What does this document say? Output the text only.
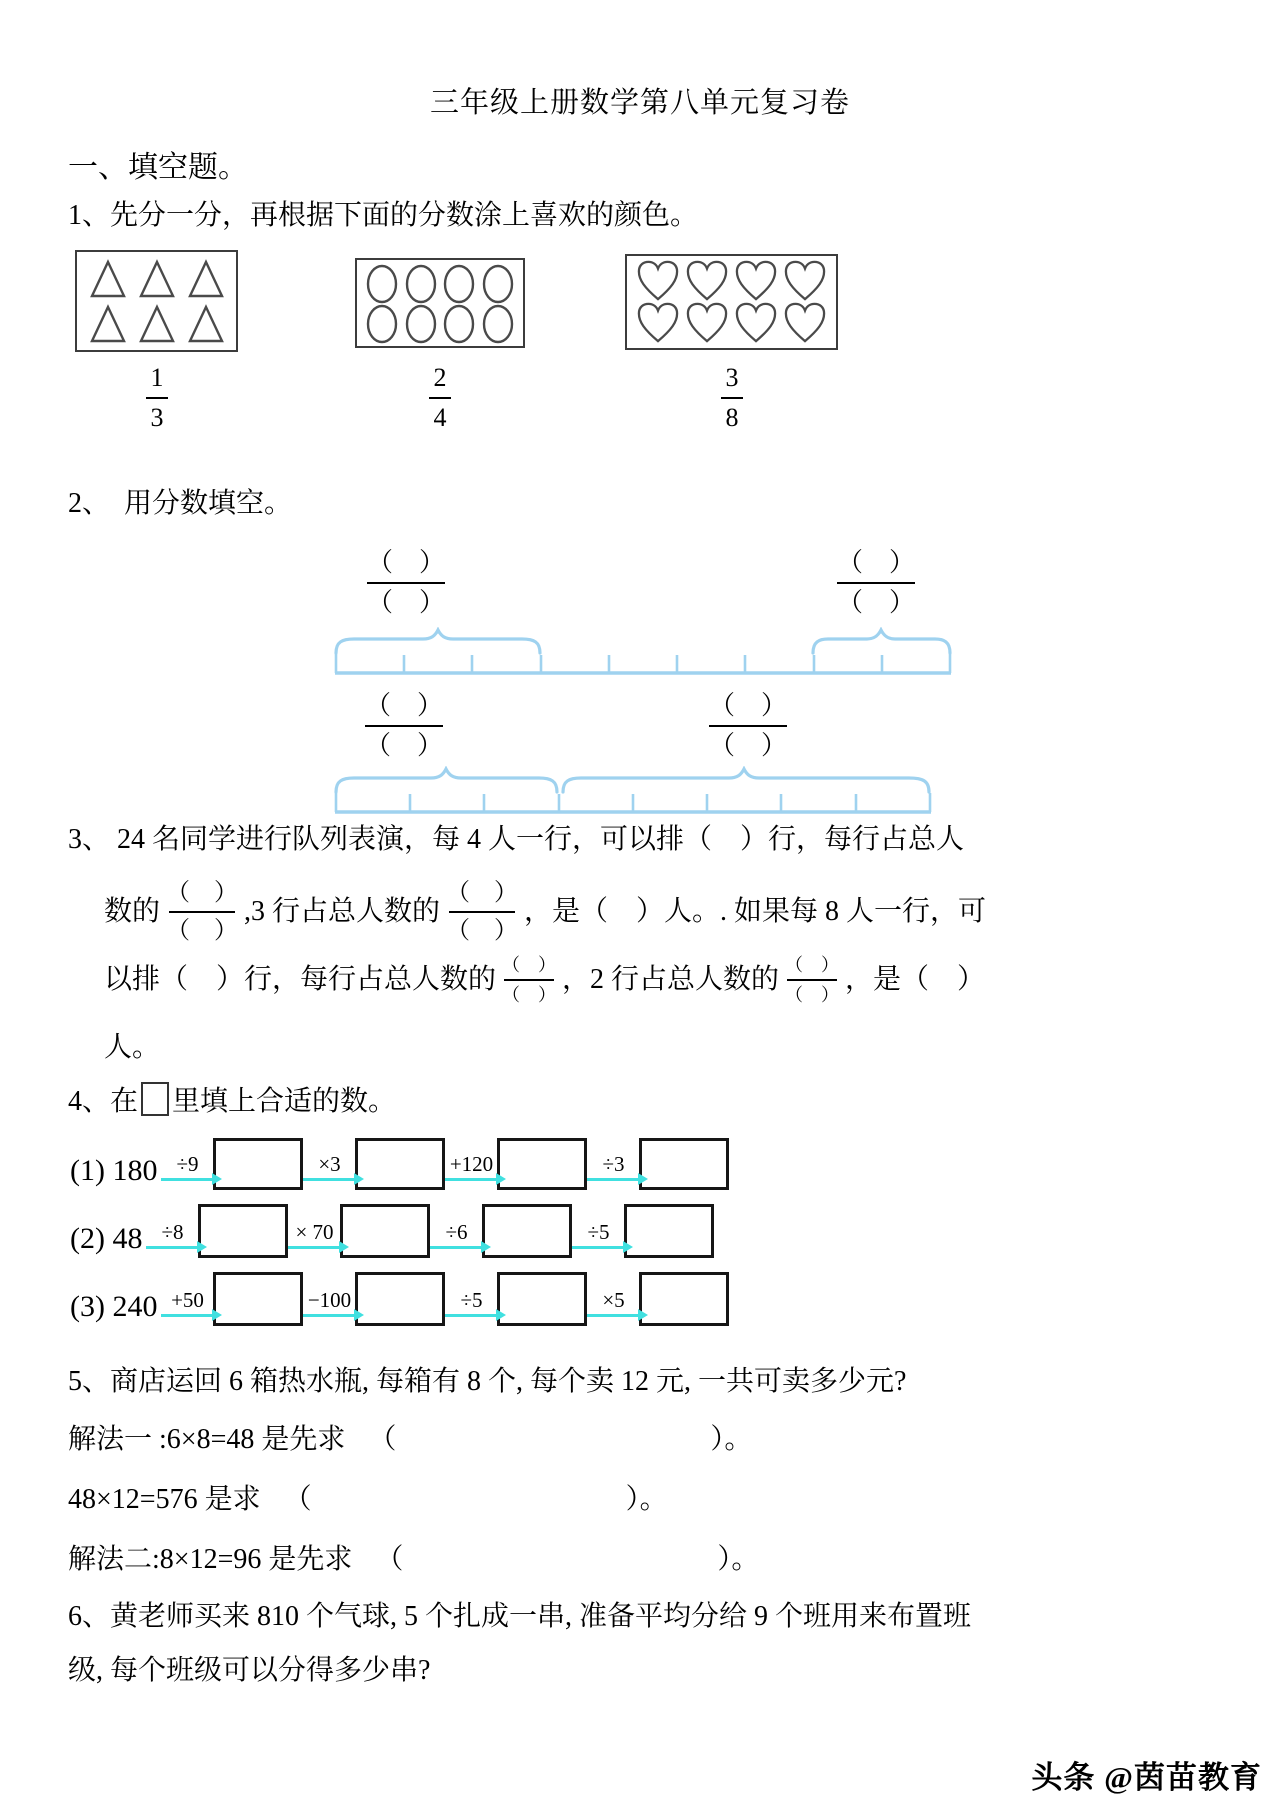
三年级上册数学第八单元复习卷
一、填空题。
1、先分一分，再根据下面的分数涂上喜欢的颜色。
1
3
2
4
3
8
2、　用分数填空。
（　）
（　）
（　）
（　）
（　）
（　）
（　）
（　）
3、 24 名同学进行队列表演，每 4 人一行，可以排（　）行，每行占总人
数的
（　）
（　）
,3 行占总人数的
（　）
（　）
，是（　）人。. 如果每 8 人一行，可
以排（　）行，每行占总人数的 （　）
（　） ，2 行占总人数的 （　）
（　） ，是（　）
人。
4、在 里填上合适的数。
(1) 180 ÷9	×3	+120	÷3
(2) 48 ÷8	× 70	÷6	÷5
(3) 240 +50	−100	÷5	×5
5、商店运回 6 箱热水瓶, 每箱有 8 个, 每个卖 12 元, 一共可卖多少元?
解法一 :6×8=48 是先求 （	）。
48×12=576 是求 （	）。
解法二:8×12=96 是先求 （	）。
6、黄老师买来 810 个气球, 5 个扎成一串, 准备平均分给 9 个班用来布置班
级, 每个班级可以分得多少串?
头条 @茵苗教育
